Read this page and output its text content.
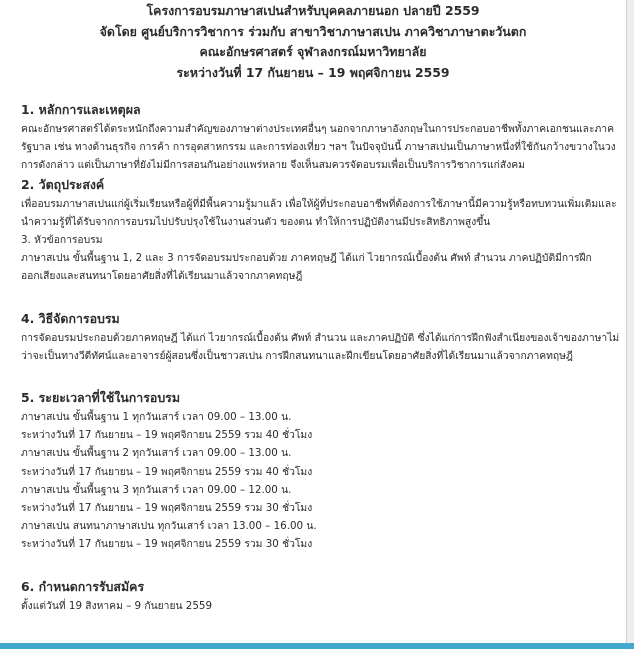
โครงการอบรมภาษาสเปนสำหรับบุคคลภายนอก ปลายปี 2559
จัดโดย ศูนย์บริการวิชาการ ร่วมกับ สาขาวิชาภาษาสเปน ภาควิชาภาษาตะวันตก
คณะอักษรศาสตร์ จุฬาลงกรณ์มหาวิทยาลัย
ระหว่างวันที่ 17 กันยายน – 19 พฤศจิกายน 2559
1. หลักการและเหตุผล
คณะอักษรศาสตร์ได้ตระหนักถึงความสำคัญของภาษาต่างประเทศอื่นๆ นอกจากภาษาอังกฤษในการประกอบอาชีพทั้งภาคเอกชนและภาค
รัฐบาล เช่น ทางด้านธุรกิจ การค้า การอุตสาหกรรม และการท่องเที่ยว ฯลฯ ในปัจจุบันนี้ ภาษาสเปนเป็นภาษาหนึ่งที่ใช้กันกว้างขวางในวง
การดังกล่าว แต่เป็นภาษาที่ยังไม่มีการสอนกันอย่างแพร่หลาย จึงเห็นสมควรจัดอบรมเพื่อเป็นบริการวิชาการแก่สังคม
2. วัตถุประสงค์
เพื่ออบรมภาษาสเปนแก่ผู้เริ่มเรียนหรือผู้ที่มีพื้นความรู้มาแล้ว เพื่อให้ผู้ที่ประกอบอาชีพที่ต้องการใช้ภาษานี้มีความรู้หรือทบทวนเพิ่มเติมและ
นำความรู้ที่ได้รับจากการอบรมไปปรับปรุงใช้ในงานส่วนตัว ของตน ทำให้การปฏิบัติงานมีประสิทธิภาพสูงขึ้น
3. หัวข้อการอบรม
ภาษาสเปน ขั้นพื้นฐาน 1, 2 และ 3 การจัดอบรมประกอบด้วย ภาคทฤษฎี ได้แก่ ไวยากรณ์เบื้องต้น ศัพท์ สำนวน ภาคปฏิบัติมีการฝึก
ออกเสียงและสนทนาโดยอาศัยสิ่งที่ได้เรียนมาแล้วจากภาคทฤษฎี
4. วิธีจัดการอบรม
การจัดอบรมประกอบด้วยภาคทฤษฎี ได้แก่ ไวยากรณ์เบื้องต้น ศัพท์ สำนวน และภาคปฏิบัติ ซึ่งได้แก่การฝึกฟังสำเนียงของเจ้าของภาษาไม่
ว่าจะเป็นทางวีดีทัศน์และอาจารย์ผู้สอนซึ่งเป็นชาวสเปน การฝึกสนทนาและฝึกเขียนโดยอาศัยสิ่งที่ได้เรียนมาแล้วจากภาคทฤษฎี
5. ระยะเวลาที่ใช้ในการอบรม
ภาษาสเปน ขั้นพื้นฐาน 1 ทุกวันเสาร์ เวลา 09.00 – 13.00 น.
ระหว่างวันที่ 17 กันยายน – 19 พฤศจิกายน 2559 รวม 40 ชั่วโมง
ภาษาสเปน ขั้นพื้นฐาน 2 ทุกวันเสาร์ เวลา 09.00 – 13.00 น.
ระหว่างวันที่ 17 กันยายน – 19 พฤศจิกายน 2559 รวม 40 ชั่วโมง
ภาษาสเปน ขั้นพื้นฐาน 3 ทุกวันเสาร์ เวลา 09.00 – 12.00 น.
ระหว่างวันที่ 17 กันยายน – 19 พฤศจิกายน 2559 รวม 30 ชั่วโมง
ภาษาสเปน สนทนาภาษาสเปน ทุกวันเสาร์ เวลา 13.00 – 16.00 น.
ระหว่างวันที่ 17 กันยายน – 19 พฤศจิกายน 2559 รวม 30 ชั่วโมง
6. กำหนดการรับสมัคร
ตั้งแต่วันที่ 19 สิงหาคม – 9 กันยายน 2559
